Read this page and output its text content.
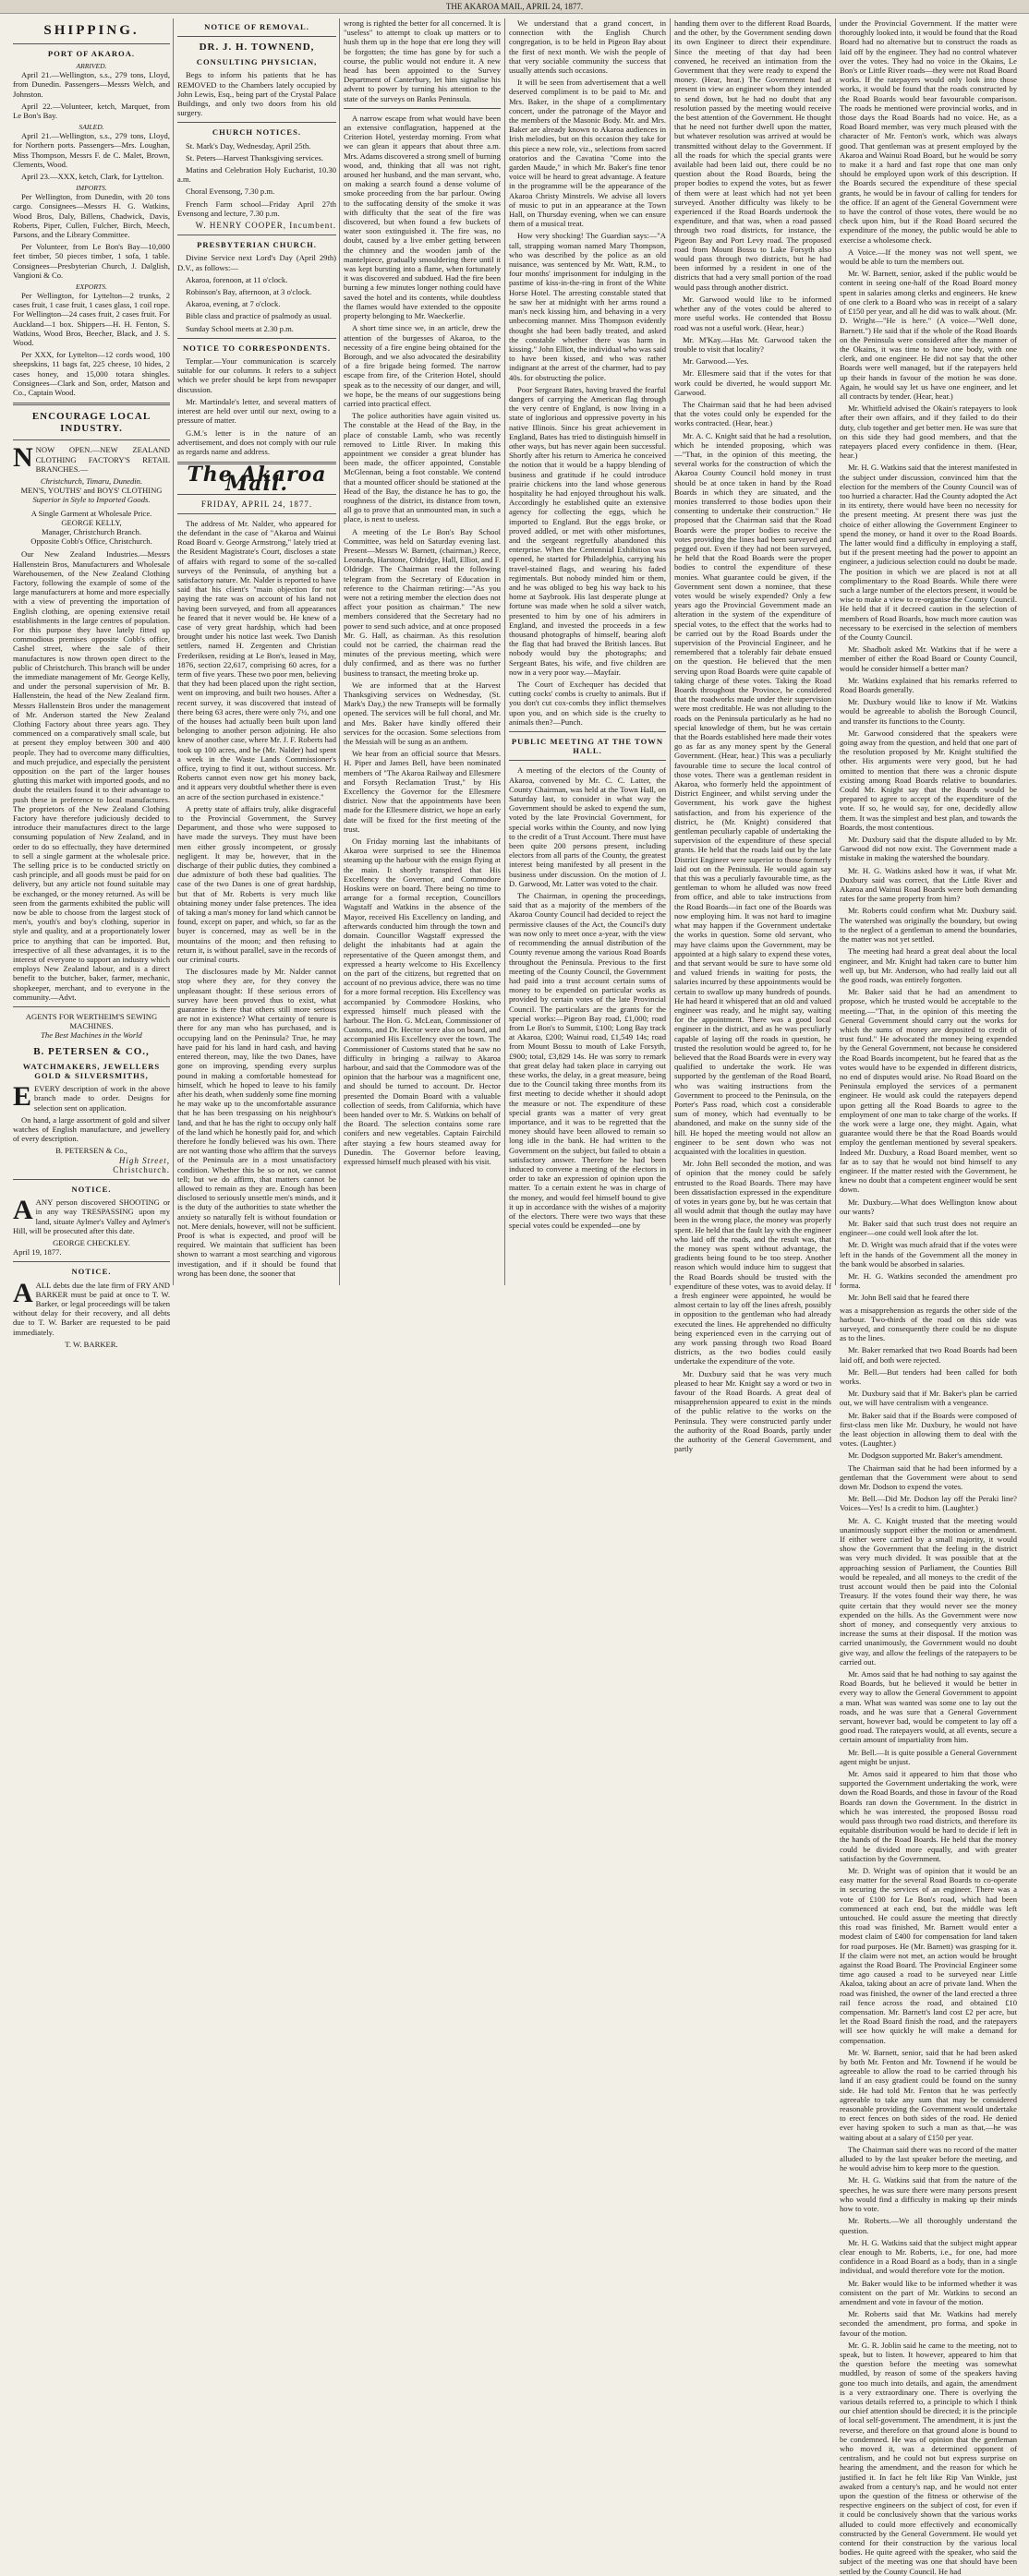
THE AKAROA MAIL, APRIL 24, 1877.
SHIPPING.
PORT OF AKAROA.
ARRIVED.

April 21.—Wellington, s.s., 279 tons, Lloyd, from Dunedin. Passengers—Messrs Welch, and Johnston.

April 22.—Volunteer, ketch, Marquet, from Le Bon's Bay.

SAILED.

April 21.—Wellington, s.s., 279 tons, Lloyd, for Northern ports. Passengers—Mrs. Loughan, Miss Thompson, Messrs F. de C. Malet, Brown, Clements, Wood.

April 23.—XXX, ketch, Clark, for Lyttelton.

IMPORTS.

Per Wellington, from Dunedin, with 20 tons cargo. Consignees—Messrs H. G. Watkins, Wood Bros, Daly, Billens, Chadwick, Davis, Roberts, Piper, Cullen, Fulcher, Birch, Meech, Parsons, and the Library Committee.

Per Volunteer, from Le Bon's Bay—10,000 feet timber, 50 pieces timber, 1 sofa, 1 table. Consignees—Presbyterian Church, J. Dalglish, Vangioni & Co.

EXPORTS.

Per Wellington, for Lyttelton—2 trunks, 2 cases fruit, 1 case fruit, 1 cases glass, 1 coil rope. For Wellington—24 cases fruit, 2 cases fruit. For Auckland—1 box. Shippers—H. H. Fenton, S. Watkins, Wood Bros, Beecher, Black, and J. S. Wood.

Per XXX, for Lyttelton—12 cords wood, 100 sheepskins, 11 bags fat, 225 cheese, 10 hides, 2 cases honey, and 15,000 totara shingles. Consignees—Clark and Son, order, Matson and Co., Captain Wood.

ENCOURAGE LOCAL INDUSTRY.

NNOW OPEN.—NEW ZEALAND CLOTHING FACTORY'S RETAIL BRANCHES.—

Christchurch, Timaru, Dunedin.
MEN'S, YOUTHS' and BOYS' CLOTHING
Superior in Style to Imported Goods.
A Single Garment at Wholesale Price.
GEORGE KELLY,
Manager, Christchurch Branch.
Opposite Cobb's Office, Christchurch.

Our New Zealand Industries.—Messrs Hallenstein Bros, Manufacturers and Wholesale Warehousemen, of the New Zealand Clothing Factory, following the example of some of the large manufacturers at home and more especially with a view of preventing the importation of English clothing, are opening extensive retail establishments in the large centres of population. For this purpose they have lately fitted up commodious premises opposite Cobb's office, Cashel street, where the sale of their manufactures is now thrown open direct to the public of Christchurch. This branch will be under the immediate management of Mr. George Kelly, and under the personal supervision of Mr. B. Hallenstein, the head of the New Zealand firm. Messrs Hallenstein Bros under the management of Mr. Anderson started the New Zealand Clothing Factory about three years ago. They commenced on a comparatively small scale, but at present they employ between 300 and 400 people. They had to overcome many difficulties, and much prejudice, and especially the persistent opposition on the part of the larger houses glutting this market with imported goods, and no doubt the retailers found it to their advantage to push these in preference to local manufactures. The proprietors of the New Zealand Clothing Factory have therefore judiciously decided to introduce their manufactures direct to the large consuming population of New Zealand, and in order to do so effectually, they have determined to sell a single garment at the wholesale price. The selling price is to be conducted strictly on cash principle, and all goods must be paid for on delivery, but any article not found suitable may be exchanged, or the money returned. As will be seen from the garments exhibited the public will now be able to choose from the largest stock of men's, youth's and boy's clothing, superior in style and quality, and at a proportionately lower price to anything that can be imported. But, irrespective of all these advantages, it is to the interest of everyone to support an industry which employs New Zealand labour, and is a direct benefit to the butcher, baker, farmer, mechanic, shopkeeper, merchant, and to everyone in the community.—Advt.

AGENTS FOR WERTHEIM'S SEWING MACHINES.
The Best Machines in the World
B. PETERSEN & CO.,
WATCHMAKERS, JEWELLERS GOLD & SILVERSMITHS,

EEVERY description of work in the above branch made to order. Designs for selection sent on application.

On hand, a large assortment of gold and silver watches of English manufacture, and jewellery of every description.

B. PETERSEN & Co.,
High Street,
Christchurch.
NOTICE.

AANY person discovered SHOOTING or in any way TRESPASSING upon my land, situate Aylmer's Valley and Aylmer's Hill, will be prosecuted after this date.

GEORGE CHECKLEY.
April 19, 1877.
NOTICE.

AALL debts due the late firm of FRY AND BARKER must be paid at once to T. W. Barker, or legal proceedings will be taken without delay for their recovery, and all debts due to T. W. Barker are requested to be paid immediately.

T. W. BARKER.
NOTICE OF REMOVAL.
DR. J. H. TOWNEND,
CONSULTING PHYSICIAN,

Begs to inform his patients that he has REMOVED to the Chambers lately occupied by John Lewis, Esq., being part of the Crystal Palace Buildings, and only two doors from his old surgery.

CHURCH NOTICES.

St. Mark's Day, Wednesday, April 25th.

St. Peters—Harvest Thanksgiving services.

Matins and Celebration Holy Eucharist, 10.30 a.m.

Choral Evensong, 7.30 p.m.

French Farm school—Friday April 27th Evensong and lecture, 7.30 p.m.

W. HENRY COOPER, Incumbent.
PRESBYTERIAN CHURCH.

Divine Service next Lord's Day (April 29th) D.V., as follows:—

Akaroa, forenoon, at 11 o'clock.

Robinson's Bay, afternoon, at 3 o'clock.

Akaroa, evening, at 7 o'clock.

Bible class and practice of psalmody as usual.

Sunday School meets at 2.30 p.m.

NOTICE TO CORRESPONDENTS.

Templar.—Your communication is scarcely suitable for our columns. It refers to a subject which we prefer should be kept from newspaper discussion.

Mr. Martindale's letter, and several matters of interest are held over until our next, owing to a pressure of matter.

G.M.'s letter is in the nature of an advertisement, and does not comply with our rule as regards name and address.

The Akaroa Mail.
FRIDAY, APRIL 24, 1877.

The address of Mr. Nalder, who appeared for the defendant in the case of "Akaroa and Wainui Road Board v. George Armstrong," lately tried at the Resident Magistrate's Court, discloses a state of affairs with regard to some of the so-called surveys of the Peninsula, of anything but a satisfactory nature. Mr. Nalder is reported to have said that his client's "main objection for not paying the rate was on account of his land not having been surveyed, and from all appearances he feared that it never would be. He knew of a case of very great hardship, which had been brought under his notice last week. Two Danish settlers, named H. Zergenten and Christian Frederiksen, residing at Le Bon's, leased in May, 1876, section 22,617, comprising 60 acres, for a term of five years. These two poor men, believing that they had been placed upon the right section, went on improving, and built two houses. After a recent survey, it was discovered that instead of there being 63 acres, there were only 7½, and one of the houses had actually been built upon land belonging to another person adjoining. He also knew of another case, where Mr. J. F. Roberts had took up 100 acres, and he (Mr. Nalder) had spent a week in the Waste Lands Commissioner's office, trying to find it out, without success. Mr. Roberts cannot even now get his money back, and it appears very doubtful whether there is even an acre of the section purchased in existence."

A pretty state of affairs truly, alike disgraceful to the Provincial Government, the Survey Department, and those who were supposed to have made the surveys. They must have been men either grossly incompetent, or grossly negligent. It may be, however, that in the discharge of their public duties, they combined a due admixture of both these bad qualities. The case of the two Danes is one of great hardship, but that of Mr. Roberts is very much like obtaining money under false pretences. The idea of taking a man's money for land which cannot be found, except on paper, and which, so far as the buyer is concerned, may as well be in the mountains of the moon; and then refusing to return it, is without parallel, save in the records of our criminal courts.

The disclosures made by Mr. Nalder cannot stop where they are, for they convey the unpleasant thought: If these serious errors of survey have been proved thus to exist, what guarantee is there that others still more serious are not in existence? What certainty of tenure is there for any man who has purchased, and is occupying land on the Peninsula? True, he may have paid for his land in hard cash, and having entered thereon, may, like the two Danes, have gone on improving, spending every surplus pound in making a comfortable homestead for himself, which he hoped to leave to his family after his death, when suddenly some fine morning he may wake up to the uncomfortable assurance that he has been trespassing on his neighbour's land, and that he has the right to occupy only half of the land which he honestly paid for, and which therefore he fondly believed was his own. There are not wanting those who affirm that the surveys of the Peninsula are in a most unsatisfactory condition. Whether this be so or not, we cannot tell; but we do affirm, that matters cannot be allowed to remain as they are. Enough has been disclosed to seriously unsettle men's minds, and it is the duty of the authorities to state whether the anxiety so naturally felt is without foundation or not. Mere denials, however, will not be sufficient. Proof is what is expected, and proof will be required. We maintain that sufficient has been shown to warrant a most searching and vigorous investigation, and if it should be found that wrong has been done, the sooner that

wrong is righted the better for all concerned. It is "useless" to attempt to cloak up matters or to hush them up in the hope that ere long they will be forgotten; the time has gone by for such a course, the public would not endure it. A new head has been appointed to the Survey Department of Canterbury, let him signalise his advent to power by turning his attention to the state of the surveys on Banks Peninsula.

A narrow escape from what would have been an extensive conflagration, happened at the Criterion Hotel, yesterday morning. From what we can glean it appears that about three a.m. Mrs. Adams discovered a strong smell of burning wood, and, thinking that all was not right, aroused her husband, and the man servant, who, on making a search found a dense volume of smoke proceeding from the bar parlour. Owing to the suffocating density of the smoke it was with difficulty that the seat of the fire was discovered, but when found a few buckets of water soon extinguished it. The fire was, no doubt, caused by a live ember getting between the chimney and the wooden jamb of the mantelpiece, gradually smouldering there until it was kept bursting into a flame, when fortunately it was discovered and subdued. Had the fire been burning a few minutes longer nothing could have saved the hotel and its contents, while doubtless the flames would have extended to the opposite property belonging to Mr. Waeckerlie.

A short time since we, in an article, drew the attention of the burgesses of Akaroa, to the necessity of a fire engine being obtained for the Borough, and we also advocated the desirability of a fire brigade being formed. The narrow escape from fire, of the Criterion Hotel, should speak as to the necessity of our danger, and will, we hope, be the means of our suggestions being carried into practical effect.

The police authorities have again visited us. The constable at the Head of the Bay, in the place of constable Lamb, who was recently removed to Little River. In making this appointment we consider a great blunder has been made, the officer appointed, Constable McGlennan, being a foot constable. We contend that a mounted officer should be stationed at the Head of the Bay, the distance he has to go, the roughness of the district, its distance from town, all go to prove that an unmounted man, in such a place, is next to useless.

A meeting of the Le Bon's Bay School Committee, was held on Saturday evening last. Present—Messrs W. Barnett, (chairman,) Reece, Leonards, Harstone, Oldridge, Hall, Elliot, and F. Oldridge. The Chairman read the following telegram from the Secretary of Education in reference to the Chairman retiring:—"As you were not a retiring member the election does not affect your position as chairman." The new members considered that the Secretary had no power to send such advice, and at once proposed Mr. G. Hall, as chairman. As this resolution could not be carried, the chairman read the minutes of the previous meeting, which were duly confirmed, and as there was no further business to transact, the meeting broke up.

We are informed that at the Harvest Thanksgiving services on Wednesday, (St. Mark's Day,) the new Transepts will be formally opened. The services will be full choral, and Mr. and Mrs. Baker have kindly offered their services for the occasion. Some selections from the Messiah will be sung as an anthem.

We hear from an official source that Messrs. H. Piper and James Bell, have been nominated members of "The Akaroa Railway and Ellesmere and Forsyth Reclamation Trust," by His Excellency the Governor for the Ellesmere district. Now that the appointments have been made for the Ellesmere district, we hope an early date will be fixed for the first meeting of the trust.

On Friday morning last the inhabitants of Akaroa were surprised to see the Hinemoa steaming up the harbour with the ensign flying at the main. It shortly transpired that His Excellency the Governor, and Commodore Hoskins were on board. There being no time to arrange for a formal reception, Councillors Wagstaff and Watkins in the absence of the Mayor, received His Excellency on landing, and afterwards conducted him through the town and domain. Councillor Wagstaff expressed the delight the inhabitants had at again the representative of the Queen amongst them, and expressed a hearty welcome to His Excellency on the part of the citizens, but regretted that on account of no previous advice, there was no time for a more formal reception. His Excellency was accompanied by Commodore Hoskins, who expressed himself much pleased with the harbour. The Hon. G. McLean, Commissioner of Customs, and Dr. Hector were also on board, and accompanied His Excellency over the town. The Commissioner of Customs stated that he saw no difficulty in bringing a railway to Akaroa harbour, and said that the Commodore was of the opinion that the harbour was a magnificent one, and should be turned to account. Dr. Hector presented the Domain Board with a valuable collection of seeds, from California, which have been handed over to Mr. S. Watkins on behalf of the Board. The selection contains some rare conifers and new vegetables. Captain Fairchild after staying a few hours steamed away for Dunedin. The Governor before leaving, expressed himself much pleased with his visit.

We understand that a grand concert, in connection with the English Church congregation, is to be held in Pigeon Bay about the first of next month. We wish the people of that very sociable community the success that usually attends such occasions.

It will be seen from advertisement that a well deserved compliment is to be paid to Mr. and Mrs. Baker, in the shape of a complimentary concert, under the patronage of the Mayor and the members of the Masonic Body. Mr. and Mrs. Baker are already known to Akaroa audiences in Irish melodies, but on this occasion they take for this piece a new role, viz., selections from sacred oratorios and the Cavatina "Come into the garden Maude," in which Mr. Baker's fine tenor voice will be heard to great advantage. A feature in the programme will be the appearance of the Akaroa Christy Minstrels. We advise all lovers of music to put in an appearance at the Town Hall, on Thursday evening, when we can ensure them of a musical treat.

How very shocking! The Guardian says:—"A tall, strapping woman named Mary Thompson, who was described by the police as an old nuisance, was sentenced by Mr. Watt, R.M., to four months' imprisonment for indulging in the pastime of kiss-in-the-ring in front of the White Horse Hotel. The arresting constable stated that he saw her at midnight with her arms round a man's neck kissing him, and behaving in a very unbecoming manner. Miss Thompson evidently thought she had been badly treated, and asked the constable whether there was harm in kissing." John Elliot, the individual who was said to have been kissed, and who was rather indignant at the arrest of the charmer, had to pay 40s. for obstructing the police.

Poor Sergeant Bates, having braved the fearful dangers of carrying the American flag through the very centre of England, is now living in a state of inglorious and oppressive poverty in his native Illinois. Since his great achievement in England, Bates has tried to distinguish himself in other ways, but has never again been successful. Shortly after his return to America he conceived the notion that it would be a happy blending of business and gratitude if he could introduce prairie chickens into the land whose generous hospitality he had enjoyed throughout his walk. Accordingly he established quite an extensive agency for collecting the eggs, which he imported to England. But the eggs broke, or proved addled, or met with other misfortunes, and the sergeant regretfully abandoned this enterprise. When the Centennial Exhibition was opened, he started for Philadelphia, carrying his travel-stained flags, and wearing his faded regimentals. But nobody minded him or them, and he was obliged to beg his way back to his home at Saybrook. His last desperate plunge at fortune was made when he sold a silver watch, presented to him by one of his admirers in England, and invested the proceeds in a few thousand photographs of himself, bearing aloft the flag that had braved the British lances. But nobody would buy the photographs; and Sergeant Bates, his wife, and five children are now in a very poor way.—Mayfair.

The Court of Exchequer has decided that cutting cocks' combs is cruelty to animals. But if you don't cut cox-combs they inflict themselves upon you, and on which side is the cruelty to animals then?—Punch.

PUBLIC MEETING AT THE TOWN HALL.

A meeting of the electors of the County of Akaroa, convened by Mr. C. C. Latter, the County Chairman, was held at the Town Hall, on Saturday last, to consider in what way the Government should be asked to expend the sum, voted by the late Provincial Government, for special works within the County, and now lying to the credit of a Trust Account. There must have been quite 200 persons present, including electors from all parts of the County, the greatest interest being manifested by all present in the business under discussion. On the motion of J. D. Garwood, Mr. Latter was voted to the chair.

The Chairman, in opening the proceedings, said that as a majority of the members of the Akaroa County Council had decided to reject the permissive clauses of the Act, the Council's duty was now only to meet once a-year, with the view of recommending the annual distribution of the County revenue among the various Road Boards throughout the Peninsula. Previous to the first meeting of the County Council, the Government had paid into a trust account certain sums of money to be expended on particular works as provided by certain votes of the late Provincial Council. The particulars are the grants for the special works:—Pigeon Bay road, £1,000; road from Le Bon's to Summit, £100; Long Bay track at Akaroa, £200; Wainui road, £1,549 14s; road from Mount Bossu to mouth of Lake Forsyth, £900; total, £3,829 14s. He was sorry to remark that great delay had taken place in carrying out these works, the delay, in a great measure, being due to the Council taking three months from its first meeting to decide whether it should adopt the measure or not. The expenditure of these special grants was a matter of very great importance, and it was to be regretted that the money should have been allowed to remain so long idle in the bank. He had written to the Government on the subject, but failed to obtain a satisfactory answer. Therefore he had been induced to convene a meeting of the electors in order to take an expression of opinion upon the matter. To a certain extent he was in charge of the money, and would feel himself bound to give it up in accordance with the wishes of a majority of the electors. There were two ways that these special votes could be expended—one by

handing them over to the different Road Boards, and the other, by the Government sending down its own Engineer to direct their expenditure. Since the meeting of that day had been convened, he received an intimation from the Government that they were ready to expend the money. (Hear, hear.) The Government had at present in view an engineer whom they intended to send down, but he had no doubt that any resolution passed by the meeting would receive the best attention of the Government. He thought that he need not further dwell upon the matter, but whatever resolution was arrived at would be transmitted without delay to the Government. If all the roads for which the special grants were available had been laid out, there could be no question about the Road Boards, being the proper bodies to expend the votes, but as fewer of them were at least which had not yet been surveyed. Another difficulty was likely to be experienced if the Road Boards undertook the expenditure, and that was, when a road passed through two road districts, for instance, the Pigeon Bay and Port Levy road. The proposed road from Mount Bossu to Lake Forsyth also would pass through two districts, but he had been informed by a resident in one of the districts that had a very small portion of the road would pass through another district.

Mr. Garwood would like to be informed whether any of the votes could be altered to more useful works. He contended that Bossu road was not a useful work. (Hear, hear.)

Mr. M'Kay.—Has Mr. Garwood taken the trouble to visit that locality?

Mr. Garwood.—Yes.

Mr. Ellesmere said that if the votes for that work could be diverted, he would support Mr. Garwood.

The Chairman said that he had been advised that the votes could only be expended for the works contracted. (Hear, hear.)

Mr. A. C. Knight said that he had a resolution, which he intended proposing, which was—"That, in the opinion of this meeting, the several works for the construction of which the Akaroa County Council hold money in trust should be at once taken in hand by the Road Boards in which they are situated, and the monies transferred to those bodies upon their consenting to undertake their construction." He proposed that the Chairman said that the Road Boards were the proper bodies to receive the votes providing the lines had been surveyed and pegged out. Even if they had not been surveyed, he held that the Road Boards were the proper bodies to control the expenditure of these monies. What guarantee could be given, if the Government sent down a nominee, that these votes would be wisely expended? Only a few years ago the Provincial Government made an alteration in the system of the expenditure of special votes, to the effect that the works had to be carried out by the Road Boards under the supervision of the Provincial Engineer, and he remembered that a tolerably fair debate ensued on the question. He believed that the men serving upon Road Boards were quite capable of taking charge of these votes. Taking the Road Boards throughout the Province, he considered that the roadworks made under their supervision were most creditable. He was not alluding to the roads on the Peninsula particularly as he had no special knowledge of them, but he was certain that the Boards established here made their votes go as far as any money spent by the General Government. (Hear, hear.) This was a peculiarly favourable time to secure the local control of those votes. There was a gentleman resident in Akaroa, who formerly held the appointment of District Engineer, and whilst serving under the Government, his work gave the highest satisfaction, and from his experience of the district, he (Mr. Knight) considered that gentleman peculiarly capable of undertaking the supervision of the expenditure of these special grants. He held that the roads laid out by the late District Engineer were superior to those formerly laid out on the Peninsula. He would again say that this was a peculiarly favourable time, as the gentleman to whom he alluded was now freed from office, and able to take instructions from the Road Boards—in fact one of the Boards was now employing him. It was not hard to imagine what may happen if the Government undertake the works in question. Some old servant, who may have claims upon the Government, may be appointed at a high salary to expend these votes, and that servant would be sure to have some old and valued friends in waiting for posts, the salaries incurred by these appointments would be certain to swallow up many hundreds of pounds. He had heard it whispered that an old and valued engineer was ready, and he might say, waiting for the appointment. There was a good local engineer in the district, and as he was peculiarly capable of laying off the roads in question, he trusted the resolution would be agreed to, for he believed that the Road Boards were in every way qualified to undertake the work. He was supported by the gentleman of the Road Board, who was waiting instructions from the Government to proceed to the Peninsula, on the Porter's Pass road, which cost a considerable sum of money, which had eventually to be abandoned, and make on the sunny side of the hill. He hoped the meeting would not allow an engineer to be sent down who was not acquainted with the localities in question.

Mr. John Bell seconded the motion, and was of opinion that the money could be safely entrusted to the Road Boards. There may have been dissatisfaction expressed in the expenditure of votes in years gone by, but he was certain that all would admit that though the outlay may have been in the wrong place, the money was properly spent. He held that the fault lay with the engineer who laid off the roads, and the result was, that the money was spent without advantage, the gradients being found to be too steep. Another reason which would induce him to suggest that the Road Boards should be trusted with the expenditure of these votes, was to avoid delay. If a fresh engineer were appointed, he would be almost certain to lay off the lines afresh, possibly in opposition to the gentleman who had already executed the lines. He apprehended no difficulty being experienced even in the carrying out of any work passing through two Road Board districts, as the two bodies could easily undertake the expenditure of the vote.

Mr. Duxbury said that he was very much pleased to hear Mr. Knight say a word or two in favour of the Road Boards. A great deal of misapprehension appeared to exist in the minds of the public relative to the works on the Peninsula. They were constructed partly under the authority of the Road Boards, partly under the authority of the General Government, and partly

under the Provincial Government. If the matter were thoroughly looked into, it would be found that the Road Board had no alternative but to construct the roads as laid off by the engineer. They had no control whatever over the votes. They had no voice in the Okains, Le Bon's or Little River roads—they were not Road Board works. If the ratepayers would only look into those works, it would be found that the roads constructed by the Road Boards would bear favourable comparison. The roads he mentioned were provincial works, and in those days the Road Boards had no voice. He, as a Road Board member, was very much pleased with the character of Mr. Fenton's work, which was always good. That gentleman was at present employed by the Akaroa and Wainui Road Board, but he would be sorry to make it a hard and fast rope that one man only should be employed upon work of this description. If the Boards secured the expenditure of these special grants, he would be in favour of calling for tenders for the office. If an agent of the General Government were to have the control of those votes, there would be no check upon him, but if the Road Board secured the expenditure of the money, the public would be able to exercise a wholesome check.

A Voice.—If the money was not well spent, we would be able to turn the members out.

Mr. W. Barnett, senior, asked if the public would be content in seeing one-half of the Road Board money spent in salaries among clerks and engineers. He knew of one clerk to a Board who was in receipt of a salary of £150 per year, and all he did was to walk about. (Mr. D. Wright—"He is here." (A voice—"Well done, Barnett.") He said that if the whole of the Road Boards on the Peninsula were considered after the manner of the Okains, it was time to have one body, with one clerk, and one engineer. He did not say that the other Boards were well managed, but if the ratepayers held up their hands in favour of the motion he was done. Again, he would say let us have one engineer, and let all contracts by tender. (Hear, hear.)

Mr. Whitfield advised the Okain's ratepayers to look after their own affairs, and if they failed to do their duty, club together and get better men. He was sure that on this side they had good members, and that the ratepayers placed every confidence in them. (Hear, hear.)

Mr. H. G. Watkins said that the interest manifested in the subject under discussion, convinced him that the election for the members of the County Council was of too hurried a character. Had the County adopted the Act in its entirety, there would have been no necessity for the present meeting. At present there was just the choice of either allowing the Government Engineer to spend the money, or hand it over to the Road Boards. The latter would find a difficulty in employing a staff, but if the present meeting had the power to appoint an engineer, a judicious selection could no doubt be made. The position in which we are placed is not at all complimentary to the Road Boards. While there were such a large number of the electors present, it would be wise to make a view to re-organise the County Council. He held that if it decreed caution in the selection of members of Road Boards, how much more caution was necessary to be exercised in the selection of members of the County Council.

Mr. Shadbolt asked Mr. Watkins that if he were a member of either the Road Board or County Council, would he consider himself a better man?

Mr. Watkins explained that his remarks referred to Road Boards generally.

Mr. Duxbury would like to know if Mr. Watkins would be agreeable to abolish the Borough Council, and transfer its functions to the County.

Mr. Garwood considered that the speakers were going away from the question, and held that one part of the resolution proposed by Mr. Knight stultified the other. His arguments were very good, but he had omitted to mention that there was a chronic dispute existing among Road Boards relative to boundaries. Could Mr. Knight say that the Boards would be prepared to agree to accept of the expenditure of the vote. If so, he would say, for one, decidedly allow them. It was the simplest and best plan, and towards the Boards, the most contentious.

Mr. Duxbury said that the dispute alluded to by Mr. Garwood did not now exist. The Government made a mistake in making the watershed the boundary.

Mr. H. G. Watkins asked how it was, if what Mr. Duxbury said was correct, that the Little River and Akaroa and Wainui Road Boards were both demanding rates for the same property from him?

Mr. Roberts could confirm what Mr. Duxbury said. The watershed was originally the boundary, but owing to the neglect of a gentleman to amend the boundaries, the matter was not yet settled.

The meeting had heard a great deal about the local engineer, and Mr. Knight had taken care to butter him well up, but Mr. Anderson, who had really laid out all the good roads, was entirely forgotten.

Mr. Baker said that he had an amendment to propose, which he trusted would be acceptable to the meeting.—"That, in the opinion of this meeting the General Government should carry out the works for which the sums of money are deposited to credit of trust fund." He advocated the money being expended by the General Government, not because he considered the Road Boards incompetent, but he feared that as the votes would have to be expended in different districts, no end of disputes would arise. No Road Board on the Peninsula employed the services of a permanent engineer. He would ask could the ratepayers depend upon getting all the Road Boards to agree to the employment of one man to take charge of the works. If the work were a large one, they might. Again, what guarantee would there be that the Road Boards would employ the gentleman mentioned by several speakers. Indeed Mr. Duxbury, a Road Board member, went so far as to say that he would not bind himself to any engineer. If the matter rested with the Government, he knew no doubt that a competent engineer would be sent down.

Mr. Duxbury.—What does Wellington know about our wants?

Mr. Baker said that such trust does not require an engineer—one could well look after the lot.

Mr. D. Wright was much afraid that if the votes were left in the hands of the Government all the money in the bank would be absorbed in salaries.

Mr. H. G. Watkins seconded the amendment pro forma.

Mr. John Bell said that he feared there

was a misapprehension as regards the other side of the harbour. Two-thirds of the road on this side was surveyed, and consequently there could be no dispute as to the lines.

Mr. Baker remarked that two Road Boards had been laid off, and both were rejected.

Mr. Bell.—But tenders had been called for both works.

Mr. Duxbury said that if Mr. Baker's plan be carried out, we will have centralism with a vengeance.

Mr. Baker said that if the Boards were composed of first-class men like Mr. Duxbury, he would not have the least objection in allowing them to deal with the votes. (Laughter.)

Mr. Dodgson supported Mr. Baker's amendment.

The Chairman said that he had been informed by a gentleman that the Government were about to send down Mr. Dodson to expend the votes.

Mr. Bell.—Did Mr. Dodson lay off the Peraki line? Voices—Yes! Is a credit to him. (Laughter.)

Mr. A. C. Knight trusted that the meeting would unanimously support either the motion or amendment. If either were carried by a small majority, it would show the Government that the feeling in the district was very much divided. It was possible that at the approaching session of Parliament, the Counties Bill would be repealed, and all moneys to the credit of the trust account would then be paid into the Colonial Treasury. If the votes found their way there, he was quite certain that they would never see the money expended on the hills. As the Government were now short of money, and consequently very anxious to increase the sums at their disposal. If the motion was carried unanimously, the Government would no doubt give way, and allow the feelings of the ratepayers to be carried out.

Mr. Amos said that he had nothing to say against the Road Boards, but he believed it would be better in every way to allow the General Government to appoint a man. What was wanted was some one to lay out the roads, and he was sure that a General Government servant, however bad, would be competent to lay off a good road. The ratepayers would, at all events, secure a certain amount of impartiality from him.

Mr. Bell.—It is quite possible a General Government agent might be unjust.

Mr. Amos said it appeared to him that those who supported the Government undertaking the work, were down the Road Boards, and those in favour of the Road Boards ran down the Government. In the district in which he was interested, the proposed Bossu road would pass through two road districts, and therefore its equitable distribution would be hard to decide if left in the hands of the Road Boards. He held that the money could be divided more equally, and with greater satisfaction by the Government.

Mr. D. Wright was of opinion that it would be an easy matter for the several Road Boards to co-operate in securing the services of an engineer. There was a vote of £100 for Le Bon's road, which had been commenced at each end, but the middle was left untouched. He could assure the meeting that directly this road was finished, Mr. Barnett would enter a modest claim of £400 for compensation for land taken for road purposes. He (Mr. Barnett) was grasping for it. If the claim were not met, an action would be brought against the Road Board. The Provincial Engineer some time ago caused a road to be surveyed near Little Akaloa, taking about an acre of private land. When the road was finished, the owner of the land erected a three rail fence across the road, and obtained £10 compensation. Mr. Barnett's land cost £2 per acre, but let the Road Board finish the road, and the ratepayers will see how quickly he will make a demand for compensation.

Mr. W. Barnett, senior, said that he had been asked by both Mr. Fenton and Mr. Townend if he would be agreeable to allow the road to be carried through his land if an easy gradient could be found on the sunny side. He had told Mr. Fenton that he was perfectly agreeable to take any sum that may be considered reasonable providing the Government would undertake to erect fences on both sides of the road. He denied ever having spoken to such a man as that,—he was waiting about at a salary of £150 per year.

The Chairman said there was no record of the matter alluded to by the last speaker before the meeting, and he would advise him to keep more to the question.

Mr. H. G. Watkins said that from the nature of the speeches, he was sure there were many persons present who would find a difficulty in making up their minds how to vote.

Mr. Roberts.—We all thoroughly understand the question.

Mr. H. G. Watkins said that the subject might appear clear enough to Mr. Roberts, i.e., for one, had more confidence in a Road Board as a body, than in a single individual, and would therefore vote for the motion.

Mr. Baker would like to be informed whether it was consistent on the part of Mr. Watkins to second an amendment and vote in favour of the motion.

Mr. Roberts said that Mr. Watkins had merely seconded the amendment, pro forma, and spoke in favour of the motion.

Mr. G. R. Joblin said he came to the meeting, not to speak, but to listen. It however, appeared to him that the question before the meeting was somewhat muddled, by reason of some of the speakers having gone too much into details, and again, the amendment is a very extraordinary one. There is overlying the various details referred to, a principle to which I think our chief attention should be directed; it is the principle of local self-government. The amendment, it is just the reverse, and therefore on that ground alone is bound to be condemned. He was of opinion that the gentleman who moved it, was a determined opponent of centralism, and he could not but express surprise on hearing the amendment, and the reason for which he justified it. In fact he felt like Rip Van Winkle, just awaked from a century's nap, and he would not enter upon the question of the fitness or otherwise of the respective engineers on the subject of cost, for even if it could be conclusively shown that the various works alluded to could more effectively and economically constructed by the General Government. He would yet contend for their construction by the various local bodies. He quite agreed with the speaker, who said the subject of the meeting was one that should have been settled by the County Council. He had
